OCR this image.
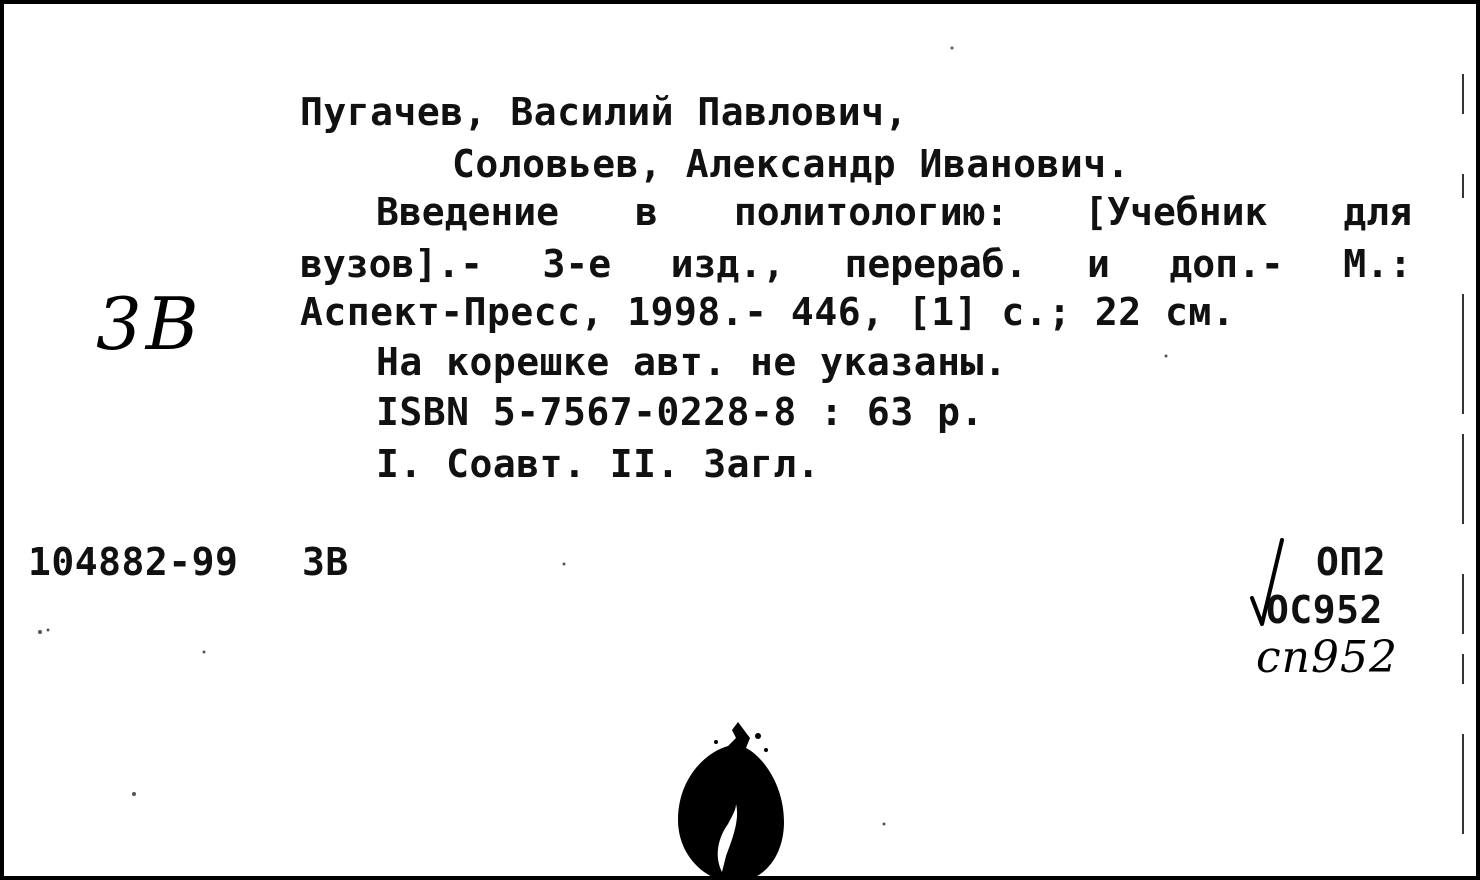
3В
Пугачев, Василий Павлович,
Соловьев, Александр Иванович.
Введение в политологию: [Учебник для
вузов].- 3-е изд., перераб. и доп.- М.:
Аспект-Пресс, 1998.- 446, [1] с.; 22 см.
На корешке авт. не указаны.
ISBN 5-7567-0228-8 : 63 р.
I. Соавт. II. Загл.
104882-99 3В	ОП2
ОС952
сп952
